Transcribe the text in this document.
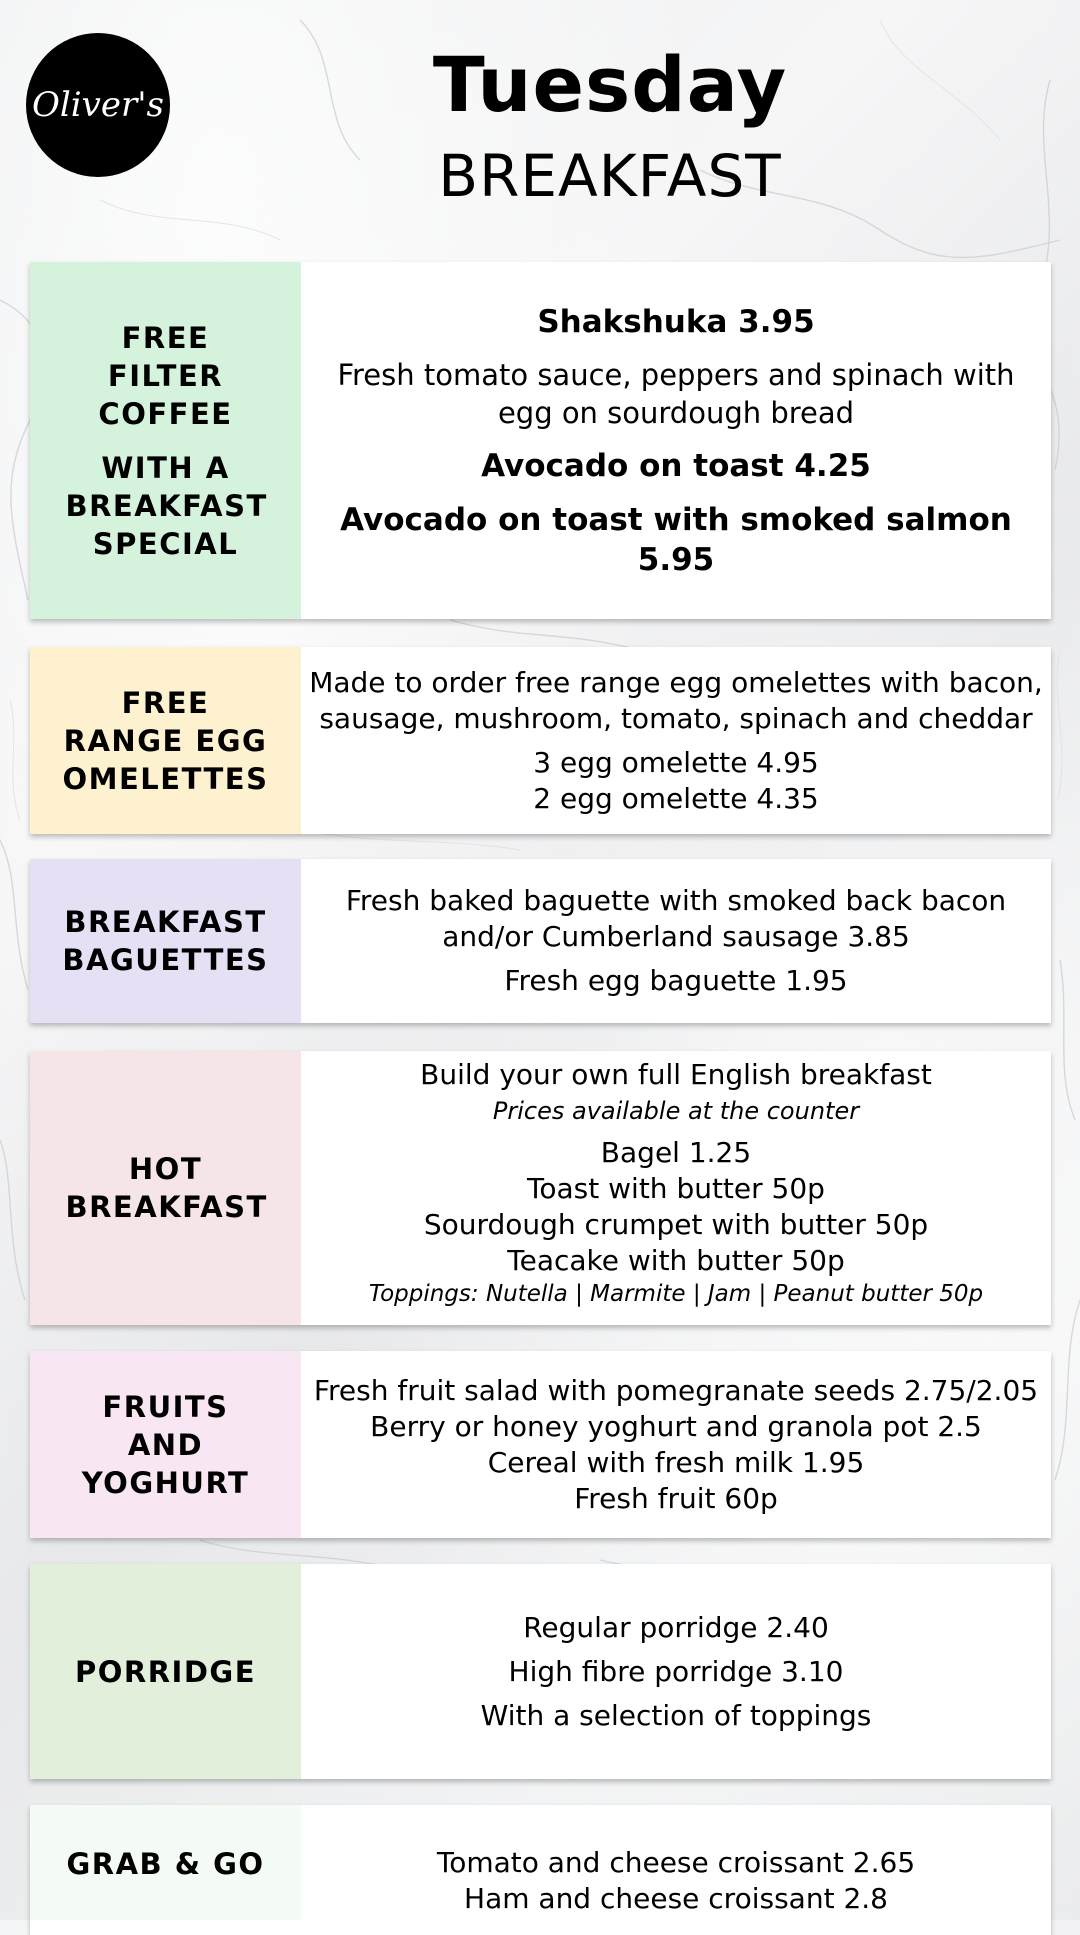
Oliver's	Tuesday
BREAKFAST
FREE FILTER COFFEE
WITH A BREAKFAST SPECIAL
Shakshuka 3.95
Fresh tomato sauce, peppers and spinach with egg on sourdough bread
Avocado on toast 4.25
Avocado on toast with smoked salmon 5.95
FREE RANGE EGG OMELETTES
Made to order free range egg omelettes with bacon, sausage, mushroom, tomato, spinach and cheddar
3 egg omelette 4.95
2 egg omelette 4.35
BREAKFAST BAGUETTES
Fresh baked baguette with smoked back bacon and/or Cumberland sausage 3.85
Fresh egg baguette 1.95
HOT BREAKFAST
Build your own full English breakfast
Prices available at the counter
Bagel 1.25
Toast with butter 50p
Sourdough crumpet with butter 50p
Teacake with butter 50p
Toppings: Nutella | Marmite | Jam | Peanut butter 50p
FRUITS AND YOGHURT
Fresh fruit salad with pomegranate seeds 2.75/2.05
Berry or honey yoghurt and granola pot 2.5
Cereal with fresh milk 1.95
Fresh fruit 60p
PORRIDGE
Regular porridge 2.40
High fibre porridge 3.10
With a selection of toppings
GRAB & GO	Tomato and cheese croissant 2.65
Ham and cheese croissant 2.8
